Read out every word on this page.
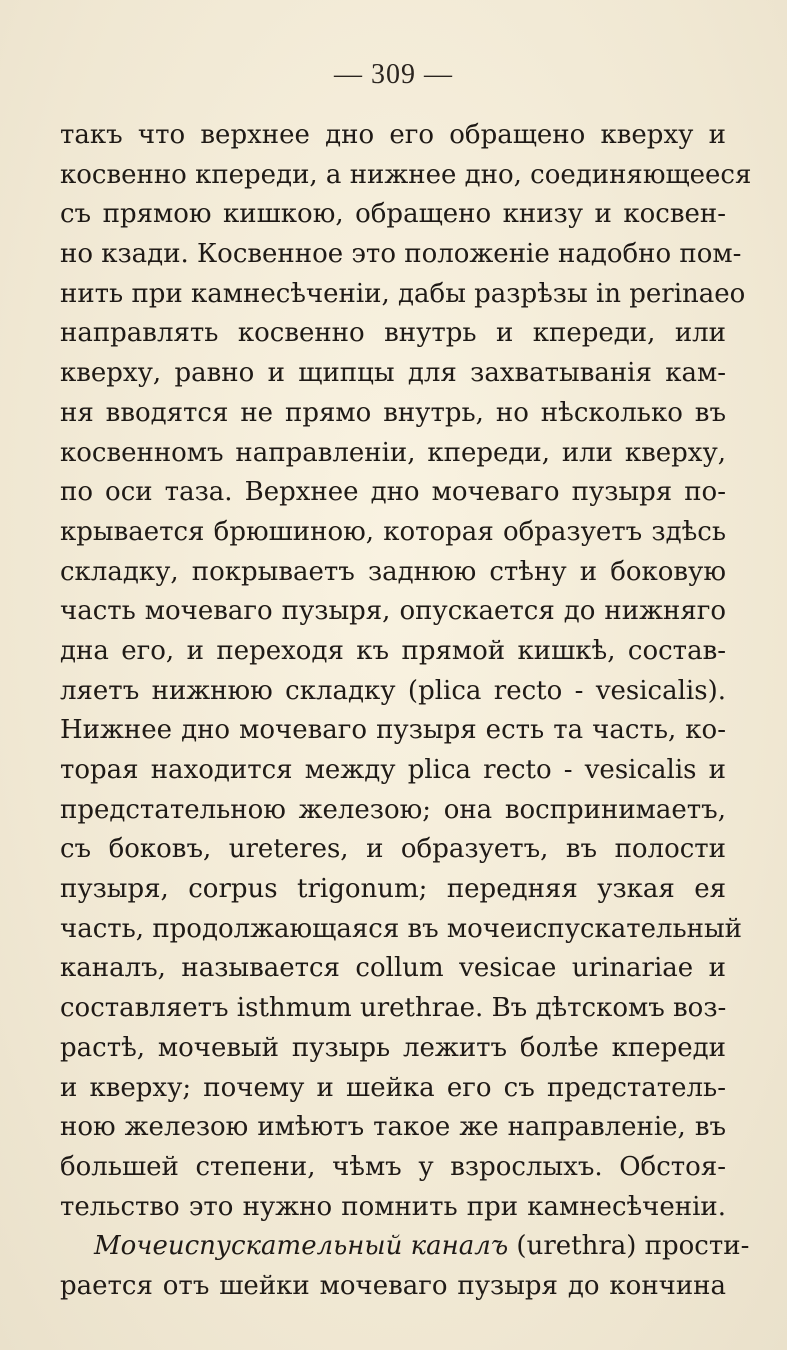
— 309 —
такъ что верхнее дно его обращено кверху и
косвенно кпереди, а нижнее дно, соединяющееся
съ прямою кишкою, обращено книзу и косвен-
но кзади. Косвенное это положеніе надобно пом-
нить при камнесѣченіи, дабы разрѣзы in perinaeo
направлять косвенно внутрь и кпереди, или
кверху, равно и щипцы для захватыванія кам-
ня вводятся не прямо внутрь, но нѣсколько въ
косвенномъ направленіи, кпереди, или кверху,
по оси таза. Верхнее дно мочеваго пузыря по-
крывается брюшиною, которая образуетъ здѣсь
складку, покрываетъ заднюю стѣну и боковую
часть мочеваго пузыря, опускается до нижняго
дна его, и переходя къ прямой кишкѣ, состав-
ляетъ нижнюю складку (plica recto - vesicalis).
Нижнее дно мочеваго пузыря есть та часть, ко-
торая находится между plica recto - vesicalis и
предстательною железою; она воспринимаетъ,
съ боковъ, ureteres, и образуетъ, въ полости
пузыря, corpus trigonum; передняя узкая ея
часть, продолжающаяся въ мочеиспускательный
каналъ, называется collum vesicae urinariae и
составляетъ isthmum urethrae. Въ дѣтскомъ воз-
растѣ, мочевый пузырь лежитъ болѣе кпереди
и кверху; почему и шейка его съ предстатель-
ною железою имѣютъ такое же направленіе, въ
большей степени, чѣмъ у взрослыхъ. Обстоя-
тельство это нужно помнить при камнесѣченіи.
Мочеиспускательный каналъ (urethra) прости-
рается отъ шейки мочеваго пузыря до кончина
